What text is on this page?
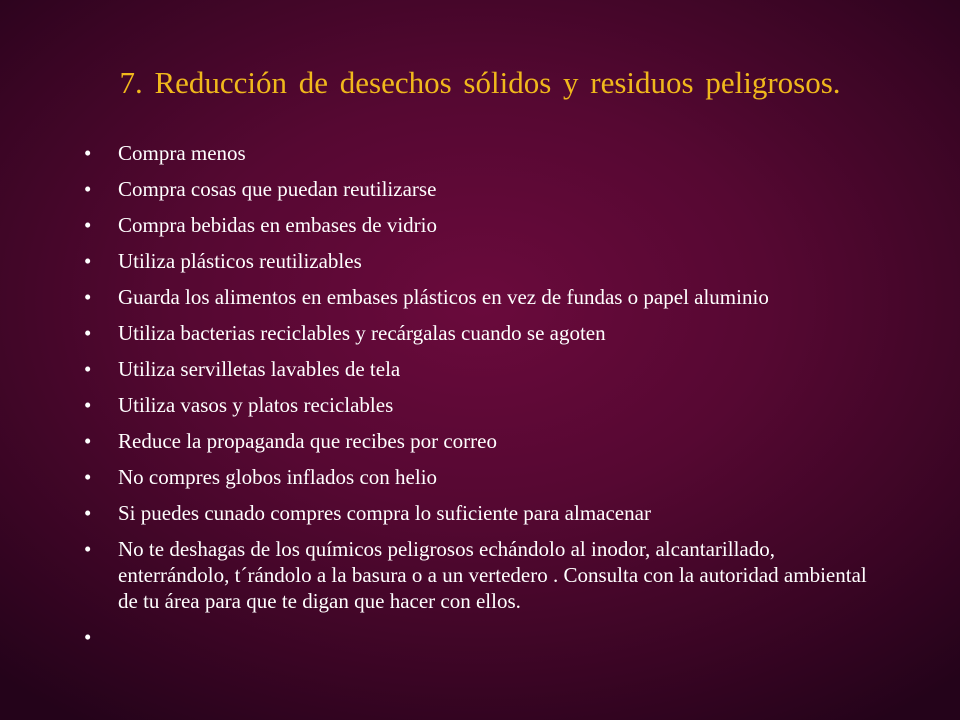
7. Reducción de desechos sólidos y residuos peligrosos.
• Compra menos
• Compra cosas que puedan reutilizarse
• Compra bebidas en embases de vidrio
• Utiliza plásticos reutilizables
• Guarda los alimentos en embases plásticos en vez de fundas o papel aluminio
• Utiliza bacterias reciclables y recárgalas cuando se agoten
• Utiliza servilletas lavables de tela
• Utiliza vasos y platos reciclables
• Reduce la propaganda que recibes por correo
• No compres globos inflados con helio
• Si puedes cunado compres compra lo suficiente para almacenar
• No te deshagas de los químicos peligrosos echándolo al inodor, alcantarillado, enterrándolo, t´rándolo a la basura o a un vertedero . Consulta con la autoridad ambiental de tu área para que te digan que hacer con ellos.
•
